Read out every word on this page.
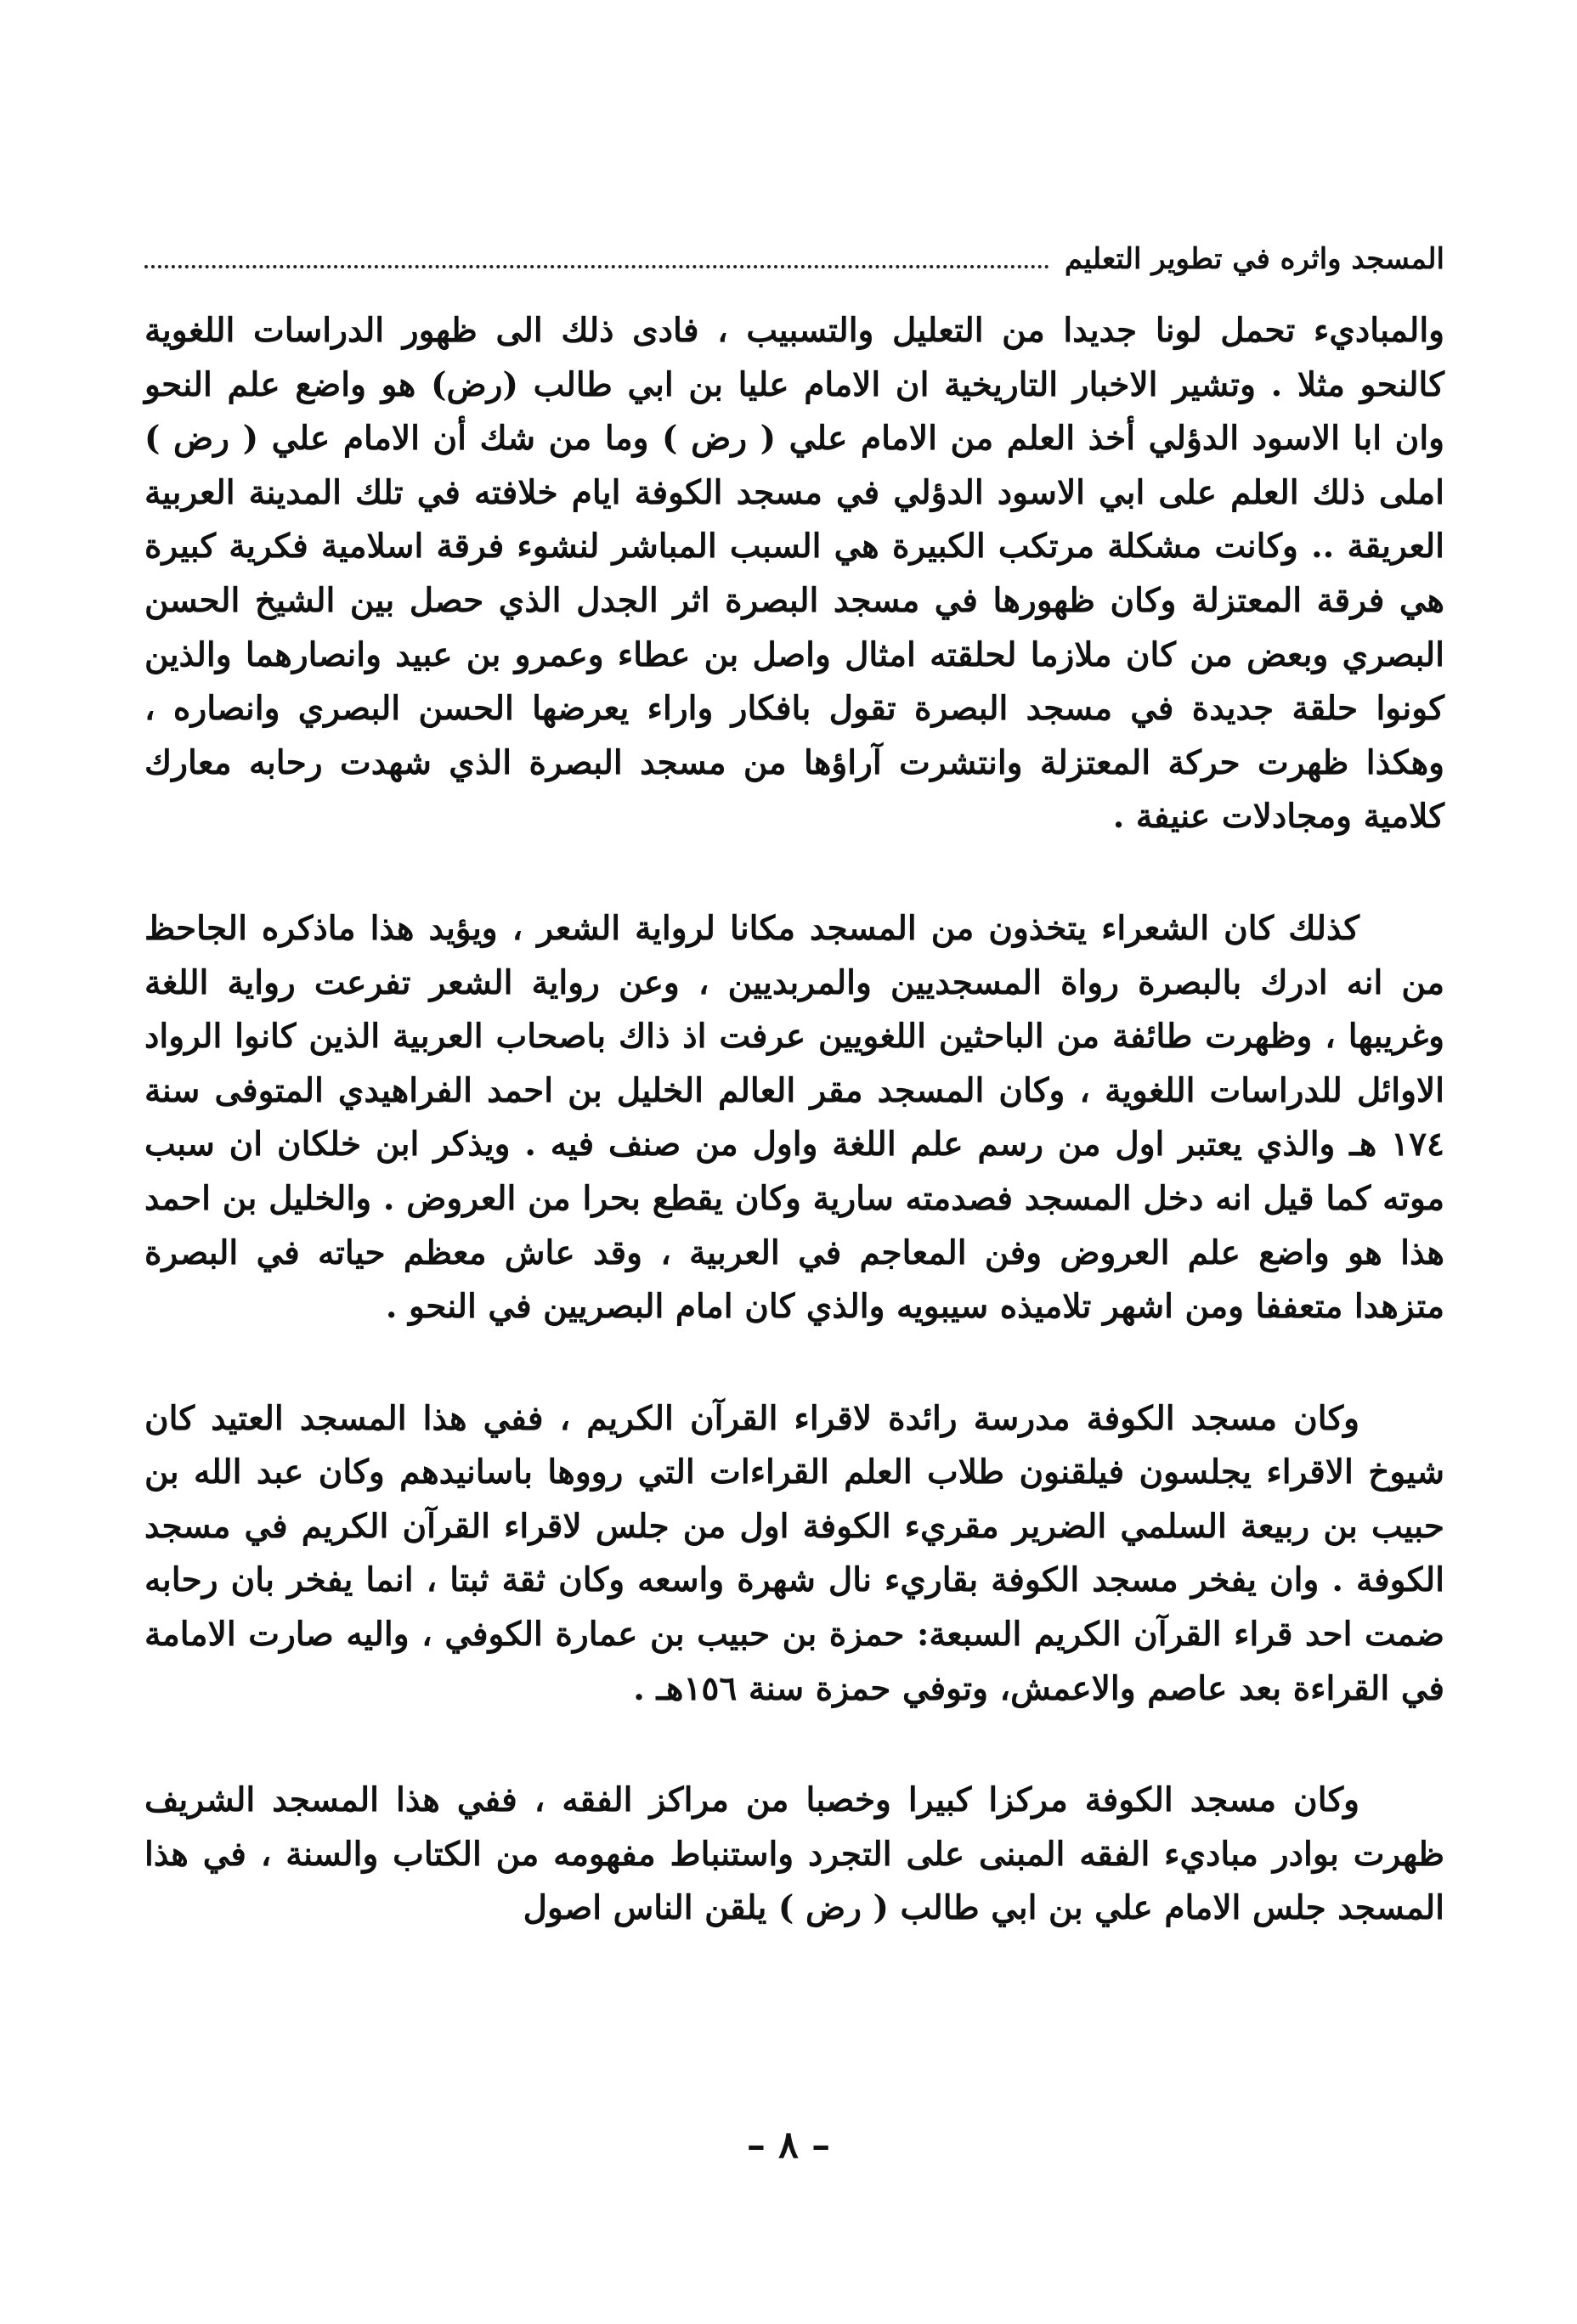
المسجد واثره في تطوير التعليم

والمباديء تحمل لونا جديدا من التعليل والتسبيب ، فادى ذلك الى ظهور الدراسات اللغوية كالنحو مثلا . وتشير الاخبار التاريخية ان الامام عليا بن ابي طالب (رض) هو واضع علم النحو وان ابا الاسود الدؤلي أخذ العلم من الامام علي ( رض ) وما من شك أن الامام علي ( رض ) املى ذلك العلم على ابي الاسود الدؤلي في مسجد الكوفة ايام خلافته في تلك المدينة العربية العريقة .. وكانت مشكلة مرتكب الكبيرة هي السبب المباشر لنشوء فرقة اسلامية فكرية كبيرة هي فرقة المعتزلة وكان ظهورها في مسجد البصرة اثر الجدل الذي حصل بين الشيخ الحسن البصري وبعض من كان ملازما لحلقته امثال واصل بن عطاء وعمرو بن عبيد وانصارهما والذين كونوا حلقة جديدة في مسجد البصرة تقول بافكار واراء يعرضها الحسن البصري وانصاره ، وهكذا ظهرت حركة المعتزلة وانتشرت آراؤها من مسجد البصرة الذي شهدت رحابه معارك كلامية ومجادلات عنيفة .

كذلك كان الشعراء يتخذون من المسجد مكانا لرواية الشعر ، ويؤيد هذا ماذكره الجاحظ من انه ادرك بالبصرة رواة المسجديين والمربديين ، وعن رواية الشعر تفرعت رواية اللغة وغريبها ، وظهرت طائفة من الباحثين اللغويين عرفت اذ ذاك باصحاب العربية الذين كانوا الرواد الاوائل للدراسات اللغوية ، وكان المسجد مقر العالم الخليل بن احمد الفراهيدي المتوفى سنة ١٧٤ هـ والذي يعتبر اول من رسم علم اللغة واول من صنف فيه . ويذكر ابن خلكان ان سبب موته كما قيل انه دخل المسجد فصدمته سارية وكان يقطع بحرا من العروض . والخليل بن احمد هذا هو واضع علم العروض وفن المعاجم في العربية ، وقد عاش معظم حياته في البصرة متزهدا متعففا ومن اشهر تلاميذه سيبويه والذي كان امام البصريين في النحو .

وكان مسجد الكوفة مدرسة رائدة لاقراء القرآن الكريم ، ففي هذا المسجد العتيد كان شيوخ الاقراء يجلسون فيلقنون طلاب العلم القراءات التي رووها باسانيدهم وكان عبد الله بن حبيب بن ربيعة السلمي الضرير مقريء الكوفة اول من جلس لاقراء القرآن الكريم في مسجد الكوفة . وان يفخر مسجد الكوفة بقاريء نال شهرة واسعه وكان ثقة ثبتا ، انما يفخر بان رحابه ضمت احد قراء القرآن الكريم السبعة: حمزة بن حبيب بن عمارة الكوفي ، واليه صارت الامامة في القراءة بعد عاصم والاعمش، وتوفي حمزة سنة ١٥٦هـ .

وكان مسجد الكوفة مركزا كبيرا وخصبا من مراكز الفقه ، ففي هذا المسجد الشريف ظهرت بوادر مباديء الفقه المبنى على التجرد واستنباط مفهومه من الكتاب والسنة ، في هذا المسجد جلس الامام علي بن ابي طالب ( رض ) يلقن الناس اصول

– ٨ –
